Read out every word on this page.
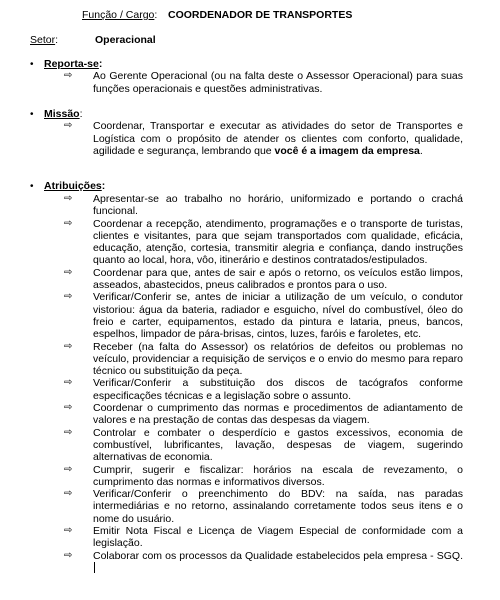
Função / Cargo: COORDENADOR DE TRANSPORTES
Setor:	Operacional
• Reporta-se:
⇨ Ao Gerente Operacional (ou na falta deste o Assessor Operacional) para suas funções operacionais e questões administrativas.
• Missão:
⇨ Coordenar, Transportar e executar as atividades do setor de Transportes e Logística com o propósito de atender os clientes com conforto, qualidade, agilidade e segurança, lembrando que você é a imagem da empresa.
• Atribuições:
⇨ Apresentar-se ao trabalho no horário, uniformizado e portando o crachá funcional.
⇨ Coordenar a recepção, atendimento, programações e o transporte de turistas, clientes e visitantes, para que sejam transportados com qualidade, eficácia, educação, atenção, cortesia, transmitir alegria e confiança, dando instruções quanto ao local, hora, vôo, itinerário e destinos contratados/estipulados.
⇨ Coordenar para que, antes de sair e após o retorno, os veículos estão limpos, asseados, abastecidos, pneus calibrados e prontos para o uso.
⇨ Verificar/Conferir se, antes de iniciar a utilização de um veículo, o condutor vistoriou: água da bateria, radiador e esguicho, nível do combustível, óleo do freio e carter, equipamentos, estado da pintura e lataria, pneus, bancos, espelhos, limpador de pára-brisas, cintos, luzes, faróis e faroletes, etc.
⇨ Receber (na falta do Assessor) os relatórios de defeitos ou problemas no veículo, providenciar a requisição de serviços e o envio do mesmo para reparo técnico ou substituição da peça.
⇨ Verificar/Conferir a substituição dos discos de tacógrafos conforme especificações técnicas e a legislação sobre o assunto.
⇨ Coordenar o cumprimento das normas e procedimentos de adiantamento de valores e na prestação de contas das despesas da viagem.
⇨ Controlar e combater o desperdício e gastos excessivos, economia de combustível, lubrificantes, lavação, despesas de viagem, sugerindo alternativas de economia.
⇨ Cumprir, sugerir e fiscalizar: horários na escala de revezamento, o cumprimento das normas e informativos diversos.
⇨ Verificar/Conferir o preenchimento do BDV: na saída, nas paradas intermediárias e no retorno, assinalando corretamente todos seus itens e o nome do usuário.
⇨ Emitir Nota Fiscal e Licença de Viagem Especial de conformidade com a legislação.
⇨ Colaborar com os processos da Qualidade estabelecidos pela empresa - SGQ.
